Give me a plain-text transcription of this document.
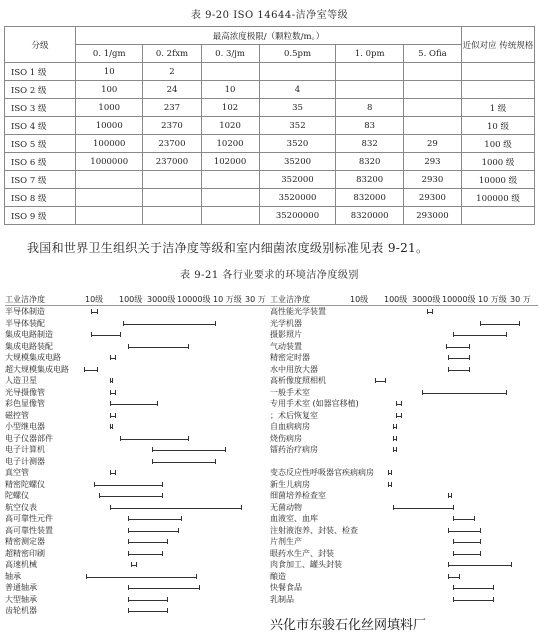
表 9-20 ISO 14644-洁净室等级
分级	最高浓度极限/（颗粒数/m。）						近似对应 传统规格
	0. 1/gm	0. 2fxm	0. 3/jm	0.5pm	1. 0pm	5. Ofia	
ISO 1 级	10	2					
ISO 2 级	100	24	10	4			
ISO 3 级	1000	237	102	35	8		1 级
ISO 4 级	10000	2370	1020	352	83		10 级
ISO 5 级	100000	23700	10200	3520	832	29	100 级
ISO 6 级	1000000	237000	102000	35200	8320	293	1000 级
ISO 7 级				352000	83200	2930	10000 级
ISO 8 级				3520000	832000	29300	100000 级
ISO 9 级				35200000	8320000	293000	
我国和世界卫生组织关于洁净度等级和室内细菌浓度级别标准见表 9-21。
表 9-21 各行业要求的环境洁净度级别
工业洁净度	10级	100级 3000级 10000级 10 万级 30 万
半导体制造
半导体装配
集成电路制造
集成电路装配
大规模集成电路
超大规模集成电路
人造卫星
光导摄像管
彩色显像管
磁控管
小型继电器
电子仪器部件
电子计算机
电子计测器
真空管
精密陀螺仪
陀螺仪
航空仪表
高可靠性元件
高可靠性装置
精密测定器
超精密印刷
高速机械
轴承
普通轴承
大型轴承
齿轮机器
工业洁净度	10级	100级 3000级 10000级 10 万级 30 万
高性能光学装置
光学机器
摄影照片
气动装置
精密定时器
水中用放大器
高析像度照相机
一般手术室
专用手术室 (如器官移植)
；术后恢复室
自血病病房
烧伤病房
镭药治疗病房
变态反应性呼吸器官疾病病房
新生儿病房
细菌培养检查室
无菌动物
血液室、血库
注射液泡养、封装、检查
片剂生产
眼药水生产、封装
肉食加工、罐头封装
酿造
快餐食品
乳制品
兴化市东骏石化丝网填料厂
